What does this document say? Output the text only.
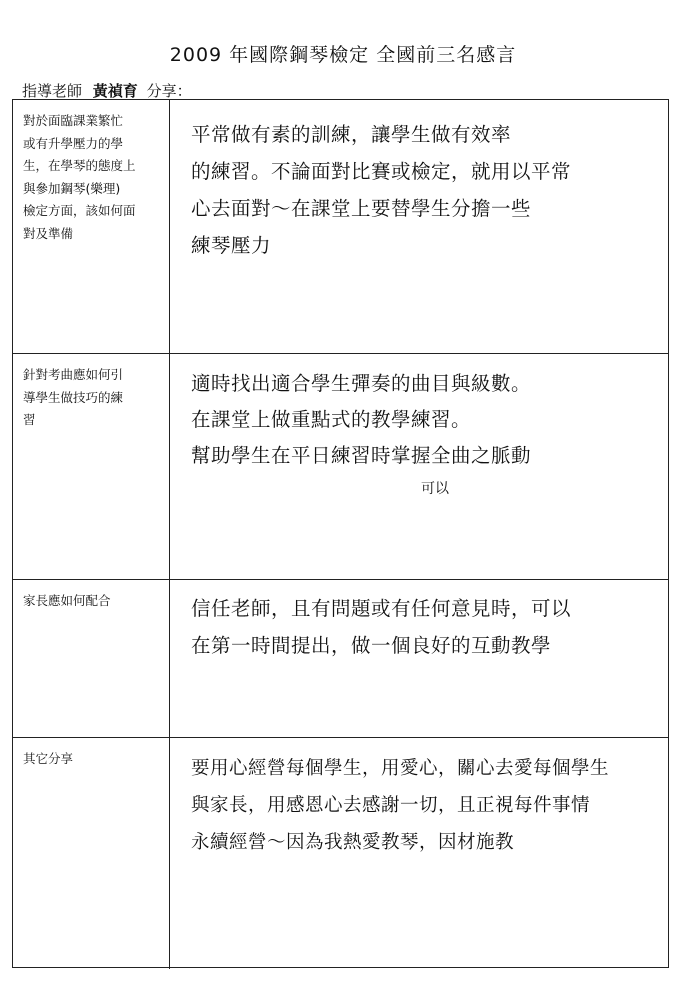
2009 年國際鋼琴檢定 全國前三名感言
指導老師 黃禎育 分享：
對於面臨課業繁忙
或有升學壓力的學
生，在學琴的態度上
與參加鋼琴(樂理)
檢定方面，該如何面
對及準備
平常做有素的訓練，讓學生做有效率
的練習。不論面對比賽或檢定，就用以平常
心去面對～在課堂上要替學生分擔一些
練琴壓力
針對考曲應如何引
導學生做技巧的練
習
適時找出適合學生彈奏的曲目與級數。
在課堂上做重點式的教學練習。
幫助學生在平日練習時掌握全曲之脈動
可以
家長應如何配合	信任老師，且有問題或有任何意見時，可以
在第一時間提出，做一個良好的互動教學
其它分享	要用心經營每個學生，用愛心，關心去愛每個學生
與家長，用感恩心去感謝一切，且正視每件事情
永續經營～因為我熱愛教琴，因材施教
